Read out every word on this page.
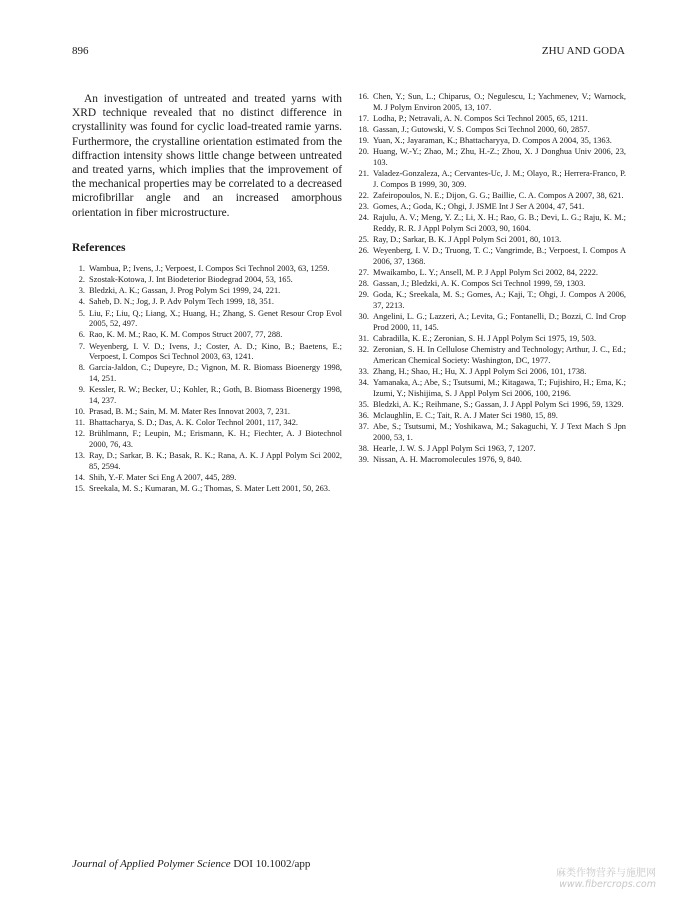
896	ZHU AND GODA

An investigation of untreated and treated yarns with XRD technique revealed that no distinct difference in crystallinity was found for cyclic load-treated ramie yarns. Furthermore, the crystalline orientation estimated from the diffraction intensity shows little change between untreated and treated yarns, which implies that the improvement of the mechanical properties may be correlated to a decreased microfibrillar angle and an increased amorphous orientation in fiber microstructure.

References
1. Wambua, P.; Ivens, J.; Verpoest, I. Compos Sci Technol 2003, 63, 1259.
2. Szostak-Kotowa, J. Int Biodeterior Biodegrad 2004, 53, 165.
3. Bledzki, A. K.; Gassan, J. Prog Polym Sci 1999, 24, 221.
4. Saheb, D. N.; Jog, J. P. Adv Polym Tech 1999, 18, 351.
5. Liu, F.; Liu, Q.; Liang, X.; Huang, H.; Zhang, S. Genet Resour Crop Evol 2005, 52, 497.
6. Rao, K. M. M.; Rao, K. M. Compos Struct 2007, 77, 288.
7. Weyenberg, I. V. D.; Ivens, J.; Coster, A. D.; Kino, B.; Baetens, E.; Verpoest, I. Compos Sci Technol 2003, 63, 1241.
8. Garcia-Jaldon, C.; Dupeyre, D.; Vignon, M. R. Biomass Bioenergy 1998, 14, 251.
9. Kessler, R. W.; Becker, U.; Kohler, R.; Goth, B. Biomass Bioenergy 1998, 14, 237.
10. Prasad, B. M.; Sain, M. M. Mater Res Innovat 2003, 7, 231.
11. Bhattacharya, S. D.; Das, A. K. Color Technol 2001, 117, 342.
12. Brühlmann, F.; Leupin, M.; Erismann, K. H.; Fiechter, A. J Biotechnol 2000, 76, 43.
13. Ray, D.; Sarkar, B. K.; Basak, R. K.; Rana, A. K. J Appl Polym Sci 2002, 85, 2594.
14. Shih, Y.-F. Mater Sci Eng A 2007, 445, 289.
15. Sreekala, M. S.; Kumaran, M. G.; Thomas, S. Mater Lett 2001, 50, 263.
16. Chen, Y.; Sun, L.; Chiparus, O.; Negulescu, I.; Yachmenev, V.; Warnock, M. J Polym Environ 2005, 13, 107.
17. Lodha, P.; Netravali, A. N. Compos Sci Technol 2005, 65, 1211.
18. Gassan, J.; Gutowski, V. S. Compos Sci Technol 2000, 60, 2857.
19. Yuan, X.; Jayaraman, K.; Bhattacharyya, D. Compos A 2004, 35, 1363.
20. Huang, W.-Y.; Zhao, M.; Zhu, H.-Z.; Zhou, X. J Donghua Univ 2006, 23, 103.
21. Valadez-Gonzaleza, A.; Cervantes-Uc, J. M.; Olayo, R.; Herrera-Franco, P. J. Compos B 1999, 30, 309.
22. Zafeiropoulos, N. E.; Dijon, G. G.; Baillie, C. A. Compos A 2007, 38, 621.
23. Gomes, A.; Goda, K.; Ohgi, J. JSME Int J Ser A 2004, 47, 541.
24. Rajulu, A. V.; Meng, Y. Z.; Li, X. H.; Rao, G. B.; Devi, L. G.; Raju, K. M.; Reddy, R. R. J Appl Polym Sci 2003, 90, 1604.
25. Ray, D.; Sarkar, B. K. J Appl Polym Sci 2001, 80, 1013.
26. Weyenberg, I. V. D.; Truong, T. C.; Vangrimde, B.; Verpoest, I. Compos A 2006, 37, 1368.
27. Mwaikambo, L. Y.; Ansell, M. P. J Appl Polym Sci 2002, 84, 2222.
28. Gassan, J.; Bledzki, A. K. Compos Sci Technol 1999, 59, 1303.
29. Goda, K.; Sreekala, M. S.; Gomes, A.; Kaji, T.; Ohgi, J. Compos A 2006, 37, 2213.
30. Angelini, L. G.; Lazzeri, A.; Levita, G.; Fontanelli, D.; Bozzi, C. Ind Crop Prod 2000, 11, 145.
31. Cabradilla, K. E.; Zeronian, S. H. J Appl Polym Sci 1975, 19, 503.
32. Zeronian, S. H. In Cellulose Chemistry and Technology; Arthur, J. C., Ed.; American Chemical Society: Washington, DC, 1977.
33. Zhang, H.; Shao, H.; Hu, X. J Appl Polym Sci 2006, 101, 1738.
34. Yamanaka, A.; Abe, S.; Tsutsumi, M.; Kitagawa, T.; Fujishiro, H.; Ema, K.; Izumi, Y.; Nishijima, S. J Appl Polym Sci 2006, 100, 2196.
35. Bledzki, A. K.; Reihmane, S.; Gassan, J. J Appl Polym Sci 1996, 59, 1329.
36. Mclaughlin, E. C.; Tait, R. A. J Mater Sci 1980, 15, 89.
37. Abe, S.; Tsutsumi, M.; Yoshikawa, M.; Sakaguchi, Y. J Text Mach S Jpn 2000, 53, 1.
38. Hearle, J. W. S. J Appl Polym Sci 1963, 7, 1207.
39. Nissan, A. H. Macromolecules 1976, 9, 840.
Journal of Applied Polymer Science DOI 10.1002/app
麻类作物营养与施肥网
www.fibercrops.com
